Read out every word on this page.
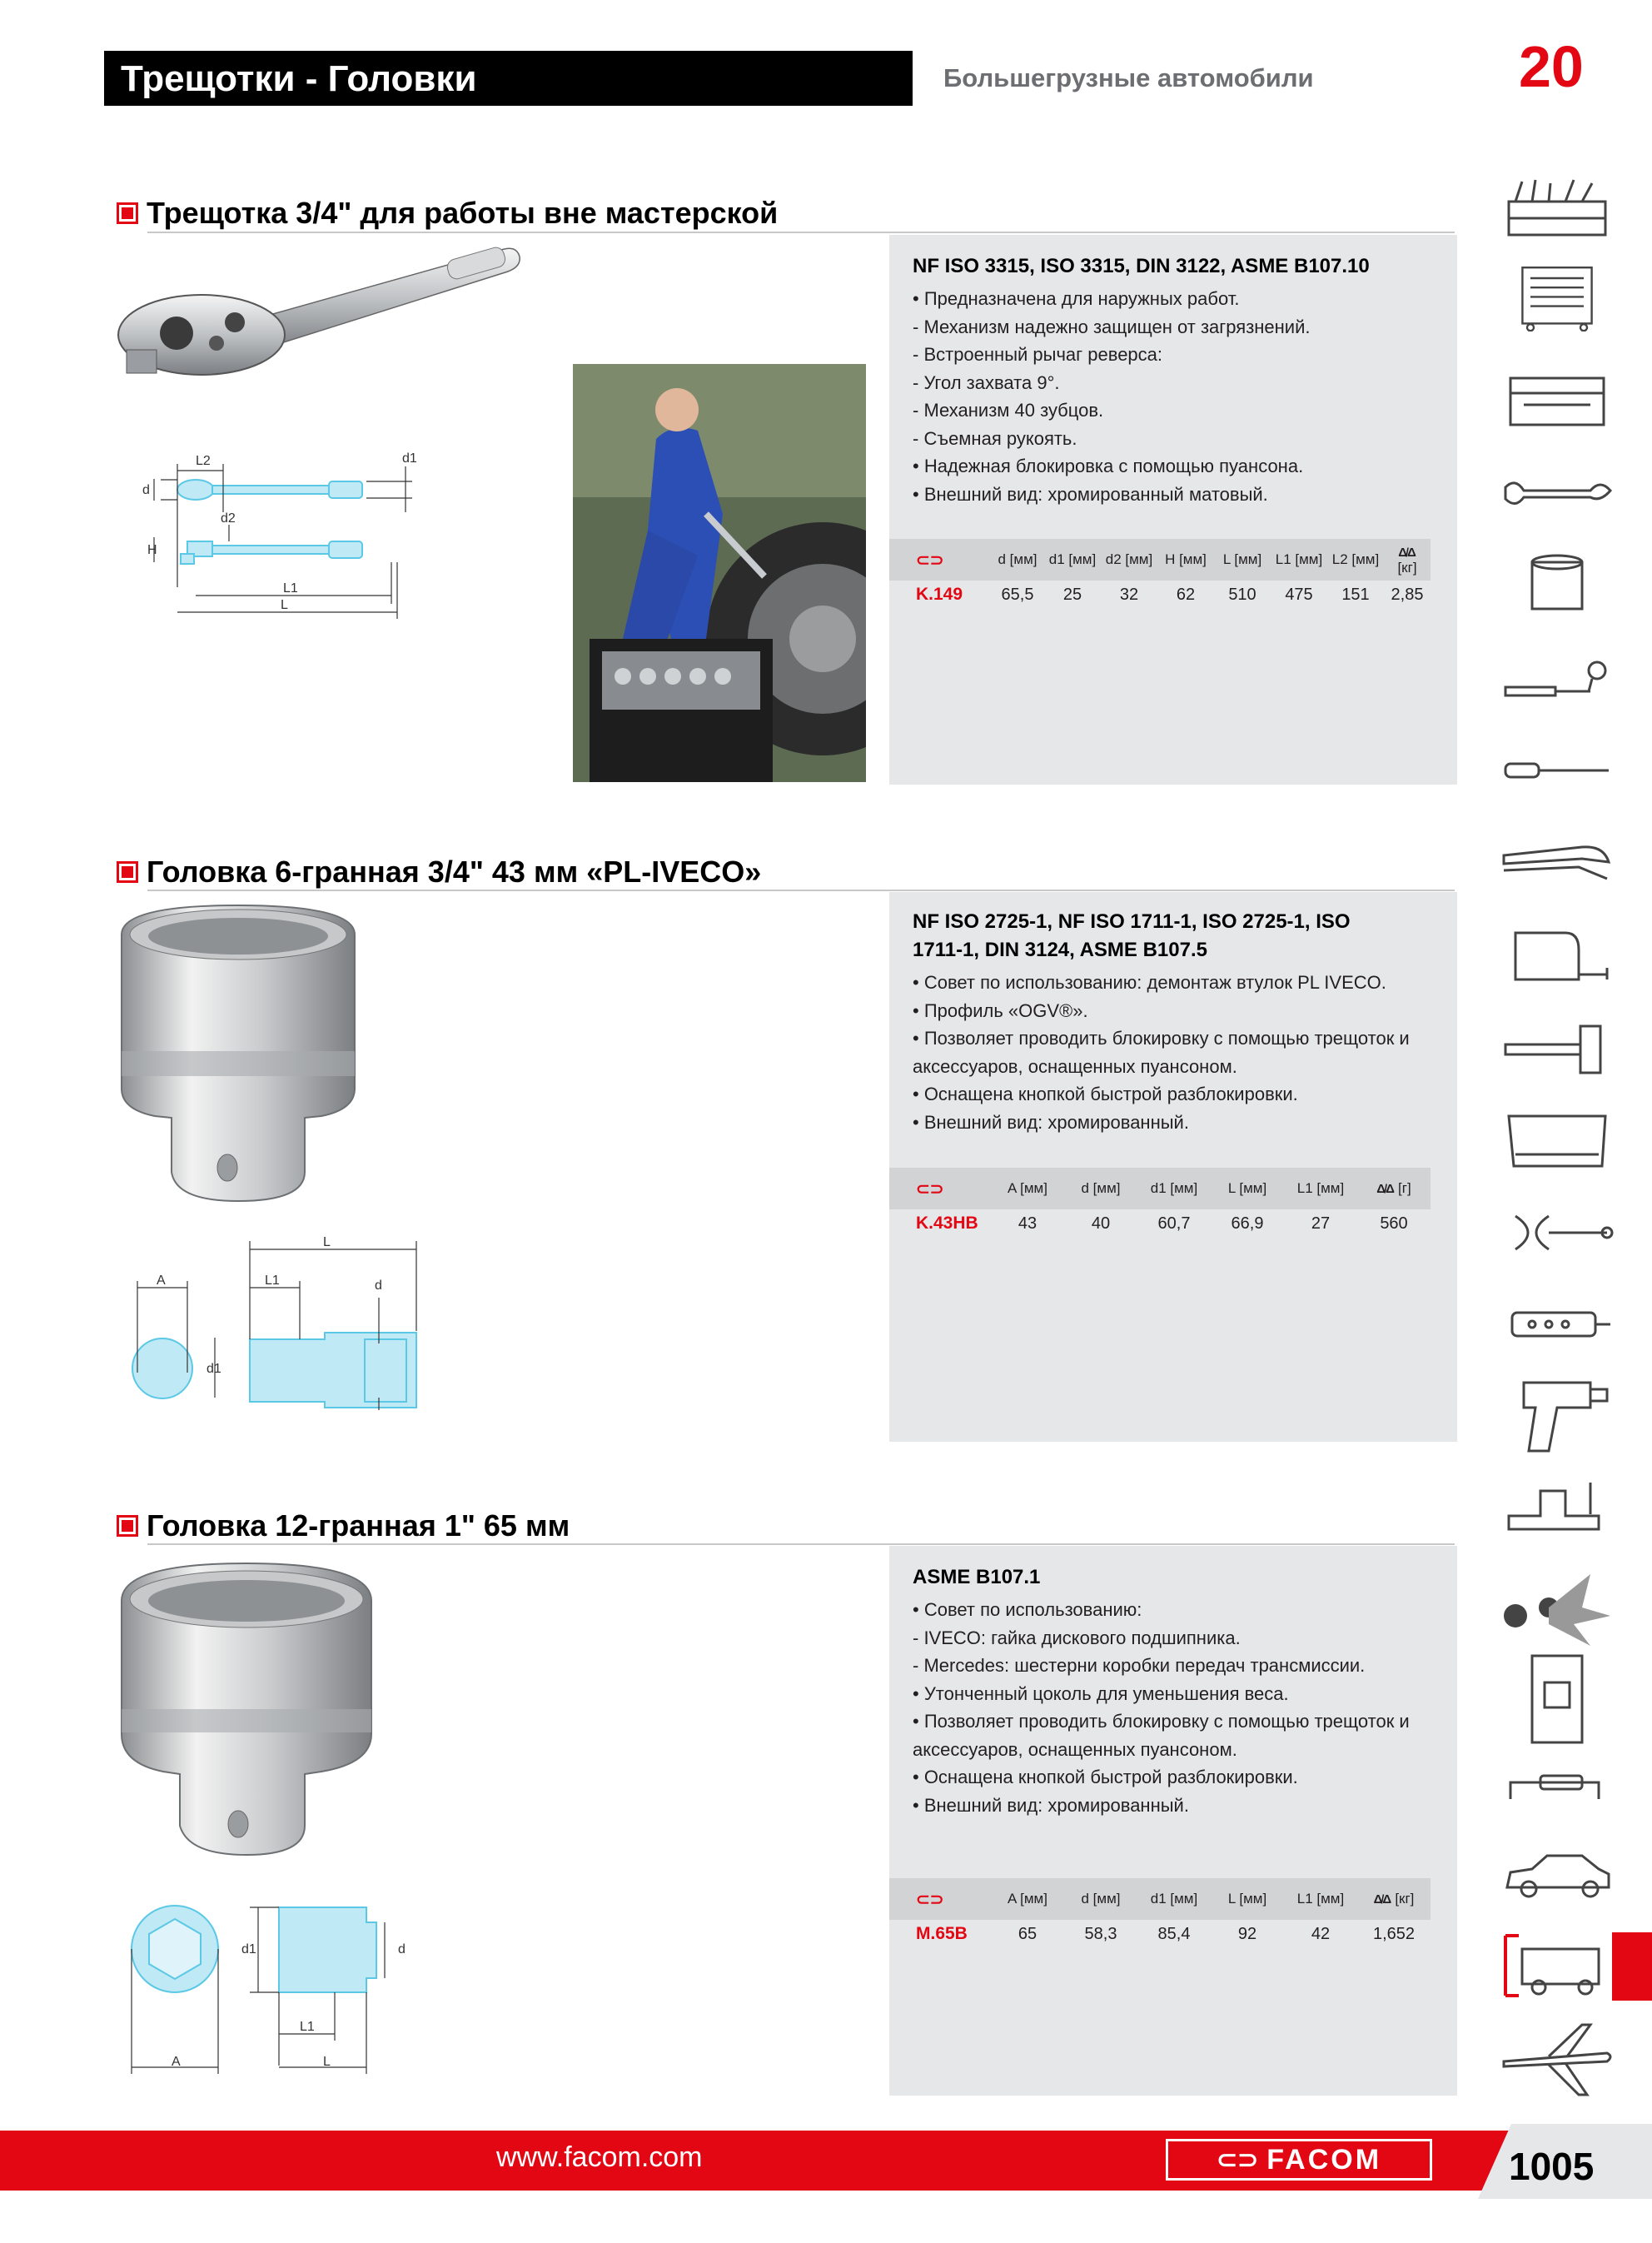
Трещотки - Головки	Большегрузные автомобили	20
Трещотка 3/4" для работы вне мастерской
L2
d
d1
d2
H
L1
L
NF ISO 3315, ISO 3315, DIN 3122, ASME B107.10
• Предназначена для наружных работ.
- Механизм надежно защищен от загрязнений.
- Встроенный рычаг реверса:
- Угол захвата 9°.
- Механизм 40 зубцов.
- Съемная рукоять.
• Надежная блокировка с помощью пуансона.
• Внешний вид: хромированный матовый.
⊂⊃	d [мм]	d1 [мм]	d2 [мм]	H [мм]	L [мм]	L1 [мм]	L2 [мм]	Δ̸Δ
[кг]
K.149	65,5	25	32	62	510	475	151	2,85
Головка 6-гранная 3/4" 43 мм «PL-IVECO»
A	L1
L
d
d1
NF ISO 2725-1, NF ISO 1711-1, ISO 2725-1, ISO
1711-1, DIN 3124, ASME B107.5
• Совет по использованию: демонтаж втулок PL IVECO.
• Профиль «OGV®».
• Позволяет проводить блокировку с помощью трещоток и
аксессуаров, оснащенных пуансоном.
• Оснащена кнопкой быстрой разблокировки.
• Внешний вид: хромированный.
⊂⊃	A [мм]	d [мм]	d1 [мм]	L [мм]	L1 [мм]	Δ̸Δ [г]
K.43HB	43	40	60,7	66,9	27	560
Головка 12-гранная 1" 65 мм
d1	d
L1
A	L
ASME B107.1
• Совет по использованию:
- IVECO: гайка дискового подшипника.
- Mercedes: шестерни коробки передач трансмиссии.
• Утонченный цоколь для уменьшения веса.
• Позволяет проводить блокировку с помощью трещоток и
аксессуаров, оснащенных пуансоном.
• Оснащена кнопкой быстрой разблокировки.
• Внешний вид: хромированный.
⊂⊃	A [мм]	d [мм]	d1 [мм]	L [мм]	L1 [мм]	Δ̸Δ [кг]
M.65B	65	58,3	85,4	92	42	1,652
www.facom.com	⊂⊃ FACOM	1005
